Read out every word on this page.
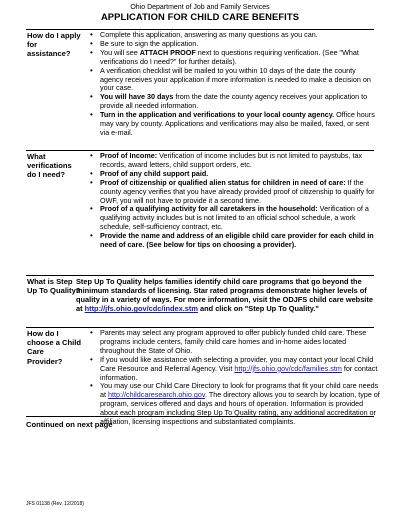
Ohio Department of Job and Family Services
APPLICATION FOR CHILD CARE BENEFITS
How do I apply for assistance?
• Complete this application, answering as many questions as you can.
• Be sure to sign the application.
• You will see ATTACH PROOF next to questions requiring verification. (See "What verifications do I need?" for further details).
• A verification checklist will be mailed to you within 10 days of the date the county agency receives your application if more information is needed to make a decision on your case.
• You will have 30 days from the date the county agency receives your application to provide all needed information.
• Turn in the application and verifications to your local county agency. Office hours may vary by county. Applications and verifications may also be mailed, faxed, or sent via e-mail.
What verifications do I need?
• Proof of Income: Verification of income includes but is not limited to paystubs, tax records, award letters, child support orders, etc.
• Proof of any child support paid.
• Proof of citizenship or qualified alien status for children in need of care: If the county agency verifies that you have already provided proof of citizenship to qualify for OWF, you will not have to provide it a second time.
• Proof of a qualifying activity for all caretakers in the household: Verification of a qualifying activity includes but is not limited to an official school schedule, a work schedule, self-sufficiency contract, etc.
• Provide the name and address of an eligible child care provider for each child in need of care. (See below for tips on choosing a provider).
What is Step Up To Quality?
Step Up To Quality helps families identify child care programs that go beyond the minimum standards of licensing. Star rated programs demonstrate higher levels of quality in a variety of ways. For more information, visit the ODJFS child care website at http://jfs.ohio.gov/cdc/index.stm and click on "Step Up To Quality."
How do I choose a Child Care Provider?
• Parents may select any program approved to offer publicly funded child care. These programs include centers, family child care homes and in-home aides located throughout the State of Ohio.
• If you would like assistance with selecting a provider, you may contact your local Child Care Resource and Referral Agency. Visit http://jfs.ohio.gov/cdc/families.stm for contact information.
• You may use our Child Care Directory to look for programs that fit your child care needs at http://childcaresearch.ohio.gov. The directory allows you to search by location, type of program, services offered and days and hours of operation. Information is provided about each program including Step Up To Quality rating, any additional accreditation or affiliation, licensing inspections and substantiated complaints.
Continued on next page
JFS 01138 (Rev. 12/2018)
